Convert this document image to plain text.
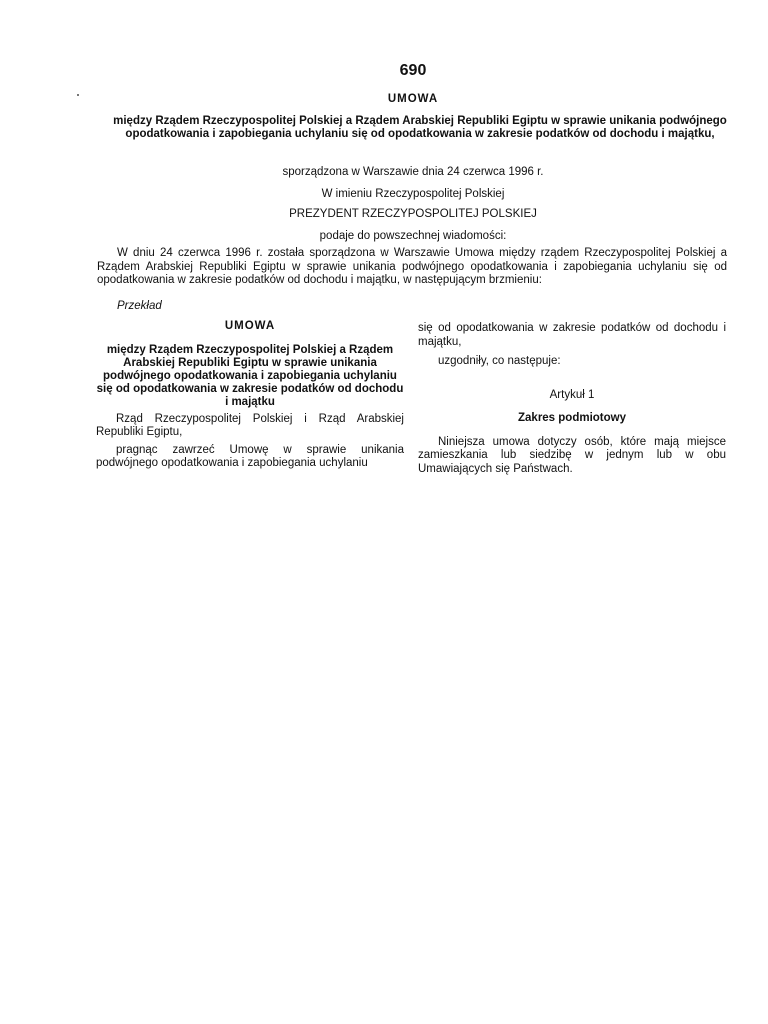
690
UMOWA
między Rządem Rzeczypospolitej Polskiej a Rządem Arabskiej Republiki Egiptu w sprawie unikania podwójnego opodatkowania i zapobiegania uchylaniu się od opodatkowania w zakresie podatków od dochodu i majątku,
sporządzona w Warszawie dnia 24 czerwca 1996 r.
W imieniu Rzeczypospolitej Polskiej
PREZYDENT RZECZYPOSPOLITEJ POLSKIEJ
podaje do powszechnej wiadomości:
W dniu 24 czerwca 1996 r. została sporządzona w Warszawie Umowa między rządem Rzeczypospolitej Polskiej a Rządem Arabskiej Republiki Egiptu w sprawie unikania podwójnego opodatkowania i zapobiegania uchylaniu się od opodatkowania w zakresie podatków od dochodu i majątku, w następującym brzmieniu:
Przekład
UMOWA
między Rządem Rzeczypospolitej Polskiej a Rządem Arabskiej Republiki Egiptu w sprawie unikania podwójnego opodatkowania i zapobiegania uchylaniu się od opodatkowania w zakresie podatków od dochodu i majątku

Rząd Rzeczypospolitej Polskiej i Rząd Arabskiej Republiki Egiptu,

pragnąc zawrzeć Umowę w sprawie unikania podwójnego opodatkowania i zapobiegania uchylaniu

się od opodatkowania w zakresie podatków od dochodu i majątku,

uzgodniły, co następuje:

Artykuł 1
Zakres podmiotowy

Niniejsza umowa dotyczy osób, które mają miejsce zamieszkania lub siedzibę w jednym lub w obu Umawiających się Państwach.
